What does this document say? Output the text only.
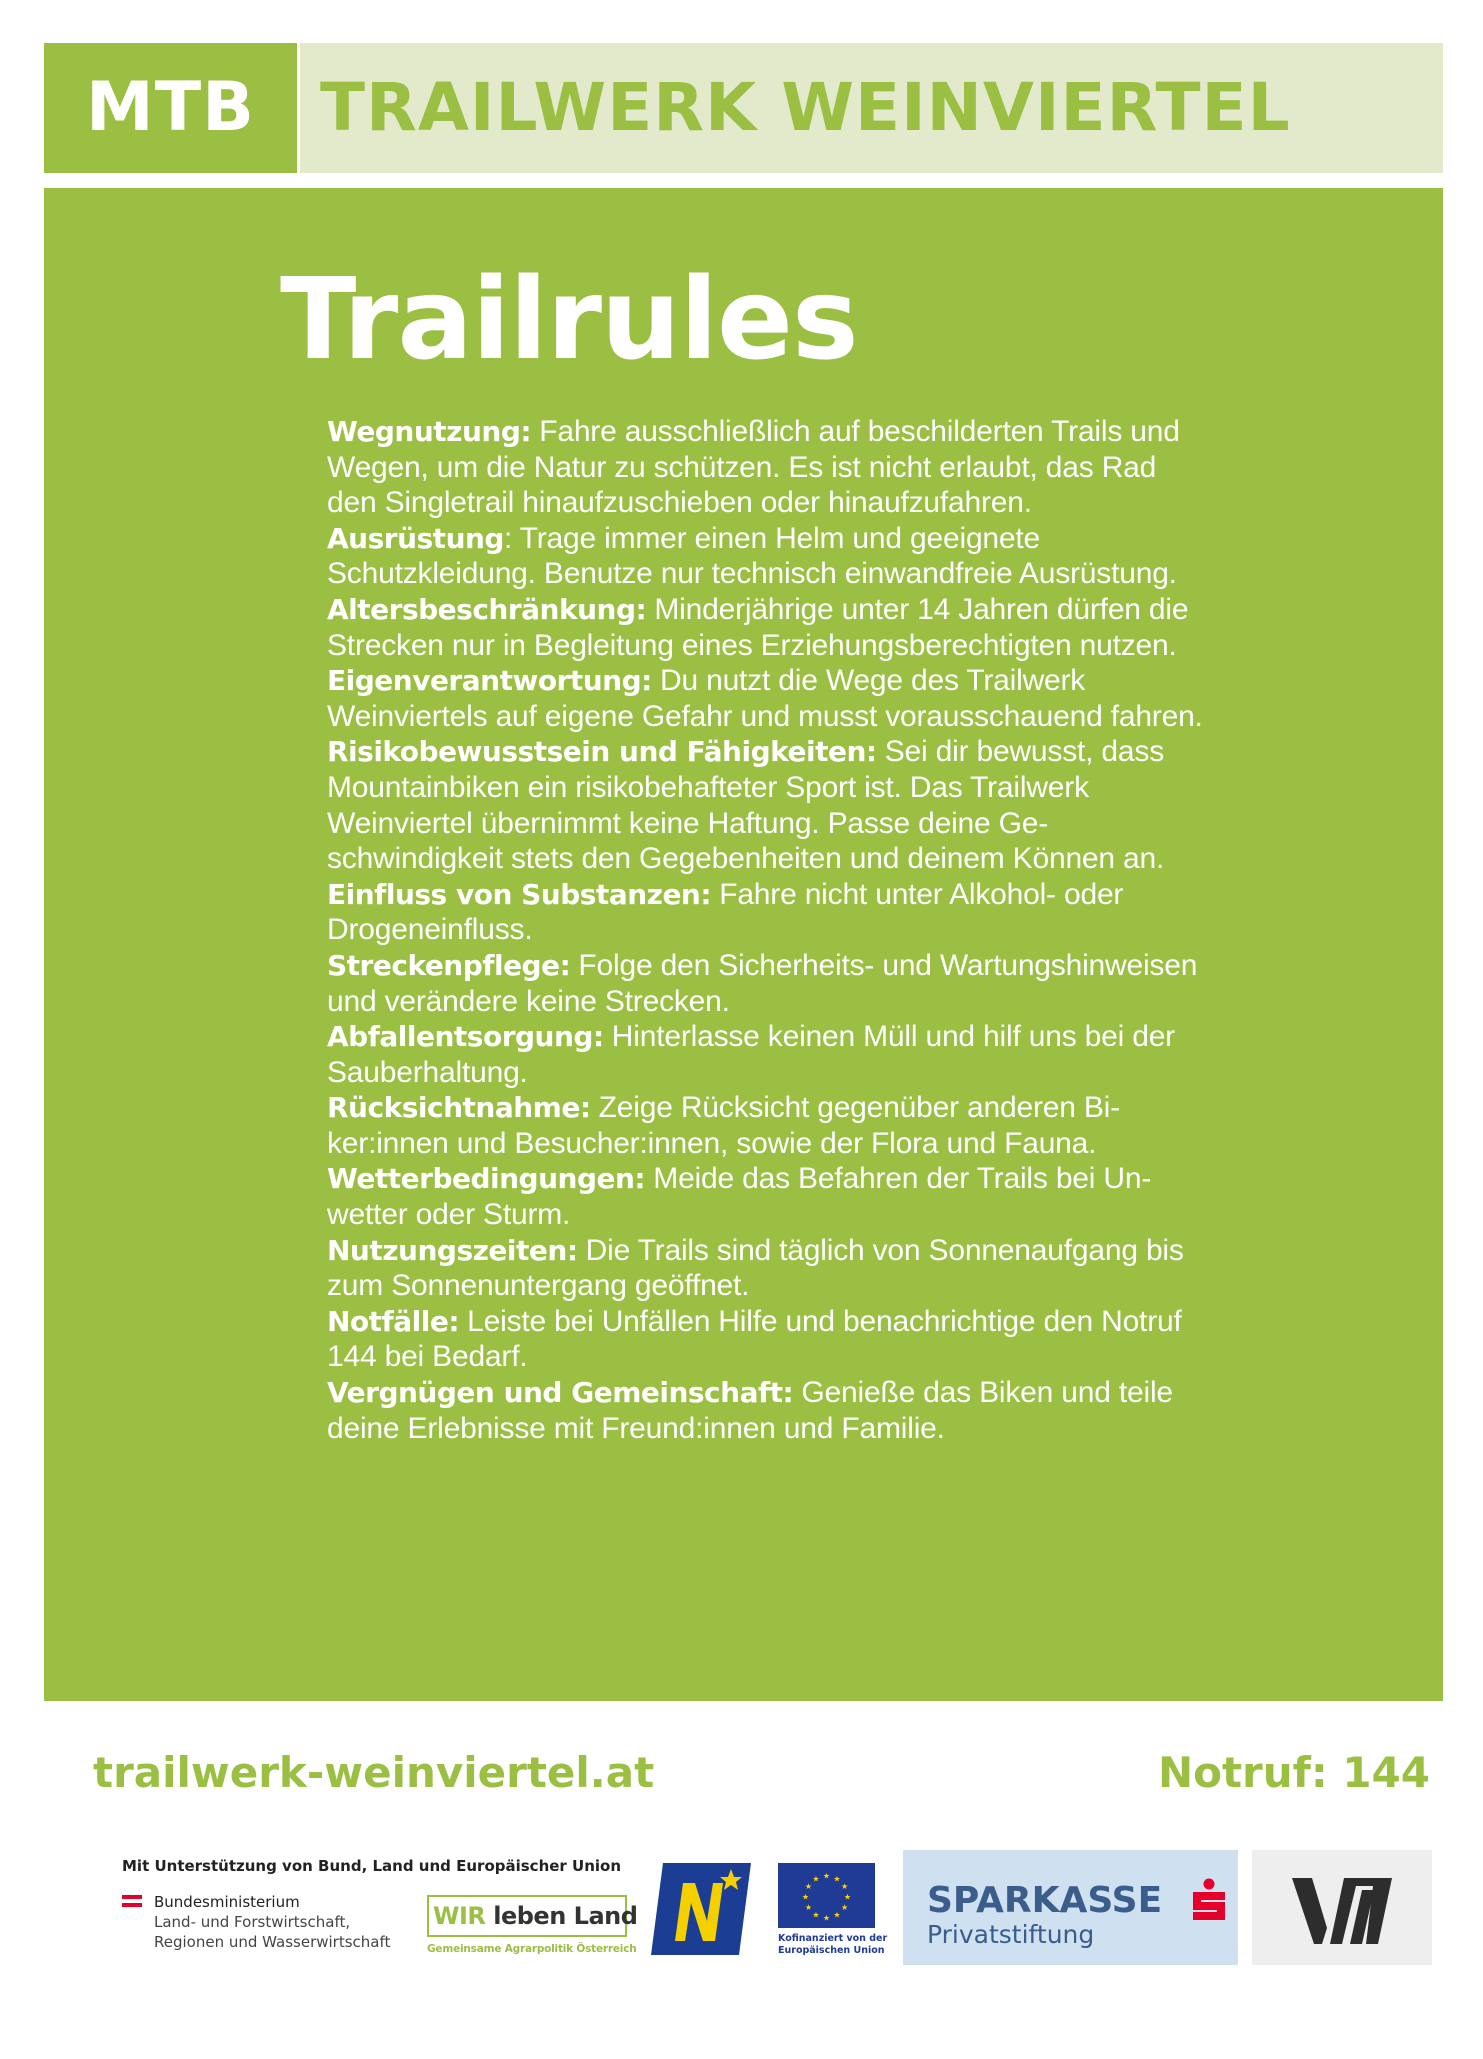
MTB TRAILWERK WEINVIERTEL
Trailrules
Wegnutzung: Fahre ausschließlich auf beschilderten Trails und Wegen, um die Natur zu schützen. Es ist nicht erlaubt, das Rad den Singletrail hinaufzuschieben oder hinaufzufahren.
Ausrüstung: Trage immer einen Helm und geeignete Schutzkleidung. Benutze nur technisch einwandfreie Ausrüstung.
Altersbeschränkung: Minderjährige unter 14 Jahren dürfen die Strecken nur in Begleitung eines Erziehungsberechtigten nutzen.
Eigenverantwortung: Du nutzt die Wege des Trailwerk Weinviertels auf eigene Gefahr und musst vorausschauend fahren.
Risikobewusstsein und Fähigkeiten: Sei dir bewusst, dass Mountainbiken ein risikobehafteter Sport ist. Das Trailwerk Weinviertel übernimmt keine Haftung. Passe deine Geschwindigkeit stets den Gegebenheiten und deinem Können an.
Einfluss von Substanzen: Fahre nicht unter Alkohol- oder Drogeneinfluss.
Streckenpflege: Folge den Sicherheits- und Wartungshinweisen und verändere keine Strecken.
Abfallentsorgung: Hinterlasse keinen Müll und hilf uns bei der Sauberhaltung.
Rücksichtnahme: Zeige Rücksicht gegenüber anderen Biker:innen und Besucher:innen, sowie der Flora und Fauna.
Wetterbedingungen: Meide das Befahren der Trails bei Unwetter oder Sturm.
Nutzungszeiten: Die Trails sind täglich von Sonnenaufgang bis zum Sonnenuntergang geöffnet.
Notfälle: Leiste bei Unfällen Hilfe und benachrichtige den Notruf 144 bei Bedarf.
Vergnügen und Gemeinschaft: Genieße das Biken und teile deine Erlebnisse mit Freund:innen und Familie.
trailwerk-weinviertel.at	Notruf: 144
Mit Unterstützung von Bund, Land und Europäischer Union
Bundesministerium
Land- und Forstwirtschaft,
Regionen und Wasserwirtschaft
WIR leben Land
Gemeinsame Agrarpolitik Österreich
★ ★
★
★
★
★
★
★
★
★
★
★
Kofinanziert von der
Europäischen Union
SPARKASSE
Privatstiftung
